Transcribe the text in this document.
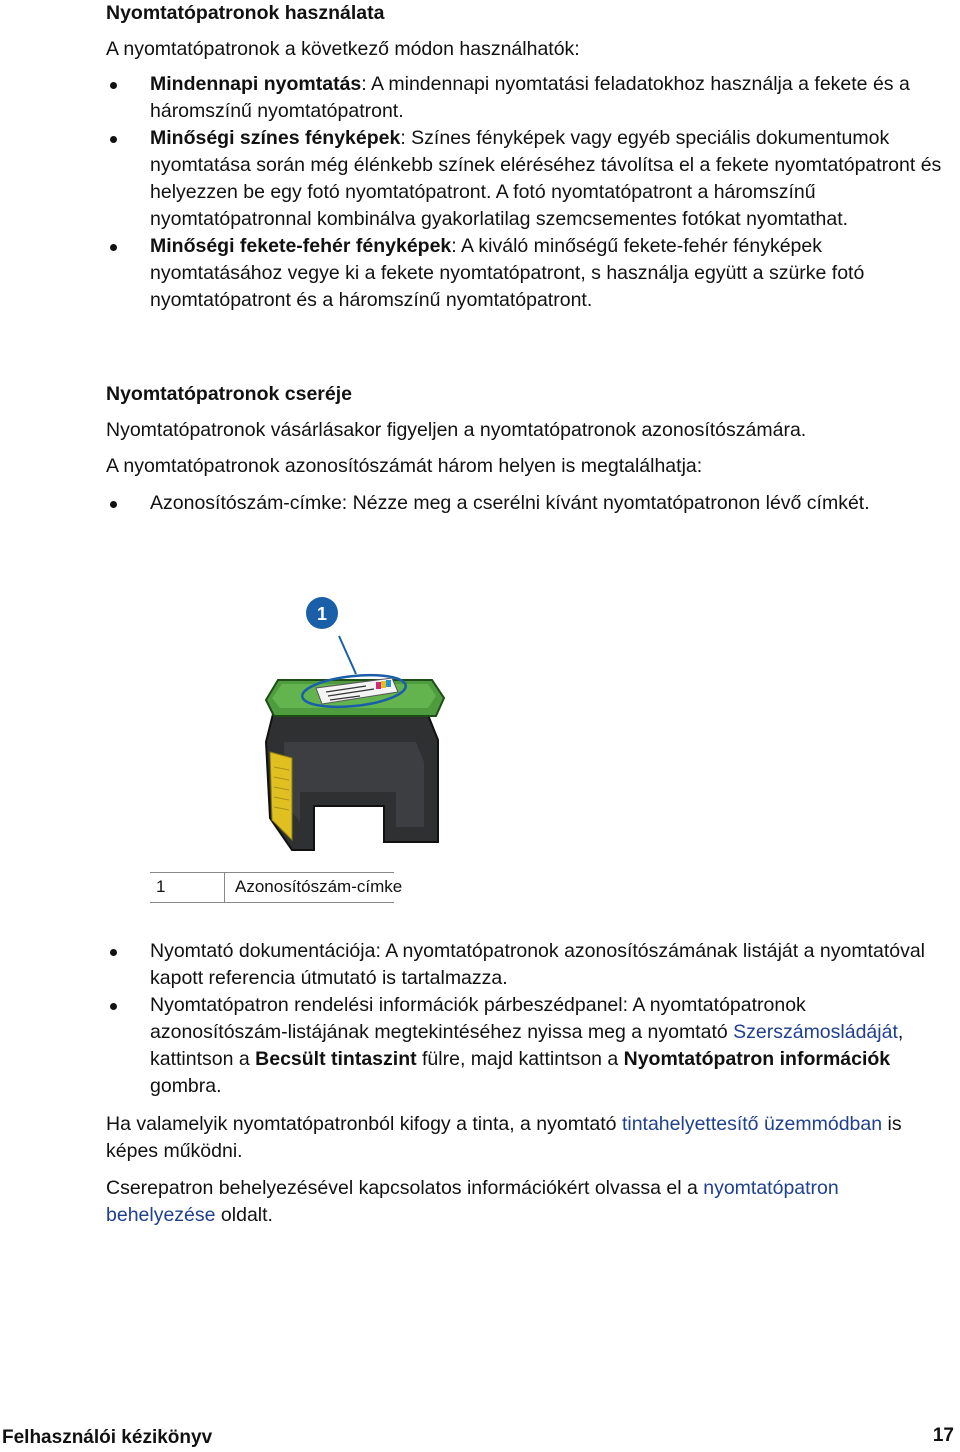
Nyomtatópatronok használata

A nyomtatópatronok a következő módon használhatók:

Mindennapi nyomtatás: A mindennapi nyomtatási feladatokhoz használja a fekete és a háromszínű nyomtatópatront.
Minőségi színes fényképek: Színes fényképek vagy egyéb speciális dokumentumok nyomtatása során még élénkebb színek eléréséhez távolítsa el a fekete nyomtatópatront és helyezzen be egy fotó nyomtatópatront. A fotó nyomtatópatront a háromszínű nyomtatópatronnal kombinálva gyakorlatilag szemcsementes fotókat nyomtathat.
Minőségi fekete-fehér fényképek: A kiváló minőségű fekete-fehér fényképek nyomtatásához vegye ki a fekete nyomtatópatront, s használja együtt a szürke fotó nyomtatópatront és a háromszínű nyomtatópatront.
Nyomtatópatronok cseréje

Nyomtatópatronok vásárlásakor figyeljen a nyomtatópatronok azonosítószámára.

A nyomtatópatronok azonosítószámát három helyen is megtalálhatja:

Azonosítószám-címke: Nézze meg a cserélni kívánt nyomtatópatronon lévő címkét.
1
1	Azonosítószám-címke
Nyomtató dokumentációja: A nyomtatópatronok azonosítószámának listáját a nyomtatóval kapott referencia útmutató is tartalmazza.
Nyomtatópatron rendelési információk párbeszédpanel: A nyomtatópatronok azonosítószám-listájának megtekintéséhez nyissa meg a nyomtató Szerszámosládáját, kattintson a Becsült tintaszint fülre, majd kattintson a Nyomtatópatron információk gombra.

Ha valamelyik nyomtatópatronból kifogy a tinta, a nyomtató tintahelyettesítő üzemmódban is képes működni.

Cserepatron behelyezésével kapcsolatos információkért olvassa el a nyomtatópatron behelyezése oldalt.

Felhasználói kézikönyv	17
